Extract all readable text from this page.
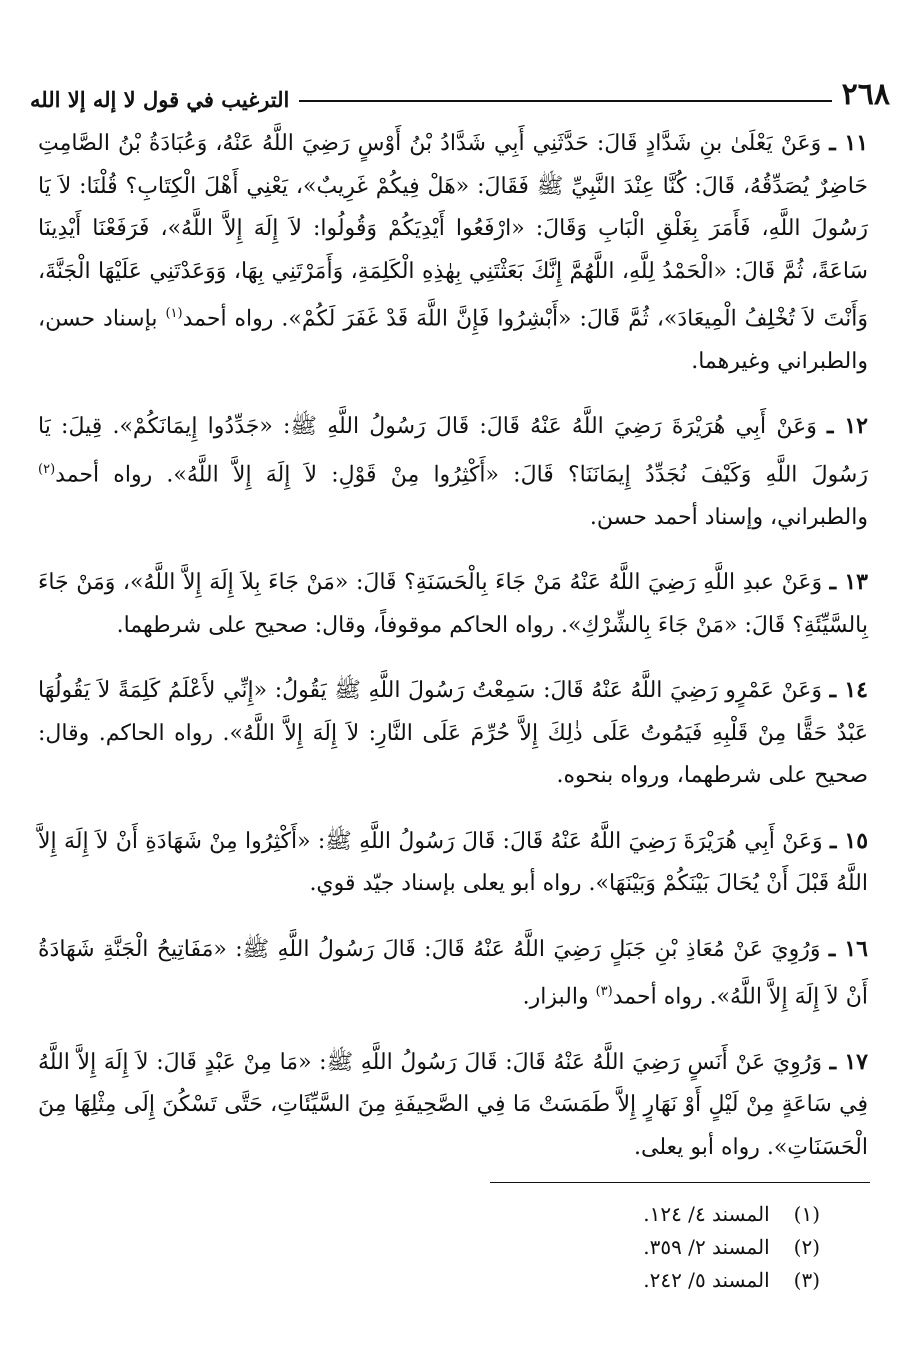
٢٦٨
الترغيب في قول لا إله إلا الله

١١ ـ وَعَنْ يَعْلَىٰ بنِ شَدَّادٍ قَالَ: حَدَّثَنِي أَبِي شَدَّادُ بْنُ أَوْسٍ رَضِيَ اللَّهُ عَنْهُ، وَعُبَادَةُ بْنُ الصَّامِتِ حَاضِرٌ يُصَدِّقُهُ، قَالَ: كُنَّا عِنْدَ النَّبِيِّ ﷺ فَقَالَ: «هَلْ فِيكُمْ غَرِيبٌ»، يَعْنِي أَهْلَ الْكِتَابِ؟ قُلْنَا: لاَ يَا رَسُولَ اللَّهِ، فَأَمَرَ بِغَلْقِ الْبَابِ وَقَالَ: «ارْفَعُوا أَيْدِيَكُمْ وَقُولُوا: لاَ إِلَهَ إِلاَّ اللَّهُ»، فَرَفَعْنَا أَيْدِينَا سَاعَةً، ثُمَّ قَالَ: «الْحَمْدُ لِلَّهِ، اللَّهُمَّ إِنَّكَ بَعَثْتَنِي بِهٰذِهِ الْكَلِمَةِ، وَأَمَرْتَنِي بِهَا، وَوَعَدْتَنِي عَلَيْهَا الْجَنَّةَ، وَأَنْتَ لاَ تُخْلِفُ الْمِيعَادَ»، ثُمَّ قَالَ: «أَبْشِرُوا فَإِنَّ اللَّهَ قَدْ غَفَرَ لَكُمْ». رواه أحمد$^{(١)}$ بإسناد حسن، والطبراني وغيرهما.

١٢ ـ وَعَنْ أَبِي هُرَيْرَةَ رَضِيَ اللَّهُ عَنْهُ قَالَ: قَالَ رَسُولُ اللَّهِ ﷺ: «جَدِّدُوا إِيمَانَكُمْ». قِيلَ: يَا رَسُولَ اللَّهِ وَكَيْفَ نُجَدِّدُ إِيمَانَنَا؟ قَالَ: «أَكْثِرُوا مِنْ قَوْلِ: لاَ إِلَهَ إِلاَّ اللَّهُ». رواه أحمد$^{(٢)}$ والطبراني، وإسناد أحمد حسن.

١٣ ـ وَعَنْ عبدِ اللَّهِ رَضِيَ اللَّهُ عَنْهُ مَنْ جَاءَ بِالْحَسَنَةِ؟ قَالَ: «مَنْ جَاءَ بِلاَ إِلَهَ إِلاَّ اللَّهُ»، وَمَنْ جَاءَ بِالسَّيِّئَةِ؟ قَالَ: «مَنْ جَاءَ بِالشِّرْكِ». رواه الحاكم موقوفاً، وقال: صحيح على شرطهما.

١٤ ـ وَعَنْ عَمْرٍو رَضِيَ اللَّهُ عَنْهُ قَالَ: سَمِعْتُ رَسُولَ اللَّهِ ﷺ يَقُولُ: «إِنِّي لأَعْلَمُ كَلِمَةً لاَ يَقُولُهَا عَبْدٌ حَقًّا مِنْ قَلْبِهِ فَيَمُوتُ عَلَى ذٰلِكَ إِلاَّ حُرِّمَ عَلَى النَّارِ: لاَ إِلَهَ إِلاَّ اللَّهُ». رواه الحاكم. وقال: صحيح على شرطهما، ورواه بنحوه.

١٥ ـ وَعَنْ أَبِي هُرَيْرَةَ رَضِيَ اللَّهُ عَنْهُ قَالَ: قَالَ رَسُولُ اللَّهِ ﷺ: «أَكْثِرُوا مِنْ شَهَادَةِ أَنْ لاَ إِلَهَ إِلاَّ اللَّهُ قَبْلَ أَنْ يُحَالَ بَيْنَكُمْ وَبَيْنَهَا». رواه أبو يعلى بإسناد جيّد قوي.

١٦ ـ وَرُوِيَ عَنْ مُعَاذِ بْنِ جَبَلٍ رَضِيَ اللَّهُ عَنْهُ قَالَ: قَالَ رَسُولُ اللَّهِ ﷺ: «مَفَاتِيحُ الْجَنَّةِ شَهَادَةُ أَنْ لاَ إِلَهَ إِلاَّ اللَّهُ». رواه أحمد$^{(٣)}$ والبزار.

١٧ ـ وَرُوِيَ عَنْ أَنَسٍ رَضِيَ اللَّهُ عَنْهُ قَالَ: قَالَ رَسُولُ اللَّهِ ﷺ: «مَا مِنْ عَبْدٍ قَالَ: لاَ إِلَهَ إِلاَّ اللَّهُ فِي سَاعَةٍ مِنْ لَيْلٍ أَوْ نَهَارٍ إِلاَّ طَمَسَتْ مَا فِي الصَّحِيفَةِ مِنَ السَّيِّئَاتِ، حَتَّى تَسْكُنَ إِلَى مِثْلِهَا مِنَ الْحَسَنَاتِ». رواه أبو يعلى.

(١) المسند ٤/ ١٢٤.
(٢) المسند ٢/ ٣٥٩.
(٣) المسند ٥/ ٢٤٢.
